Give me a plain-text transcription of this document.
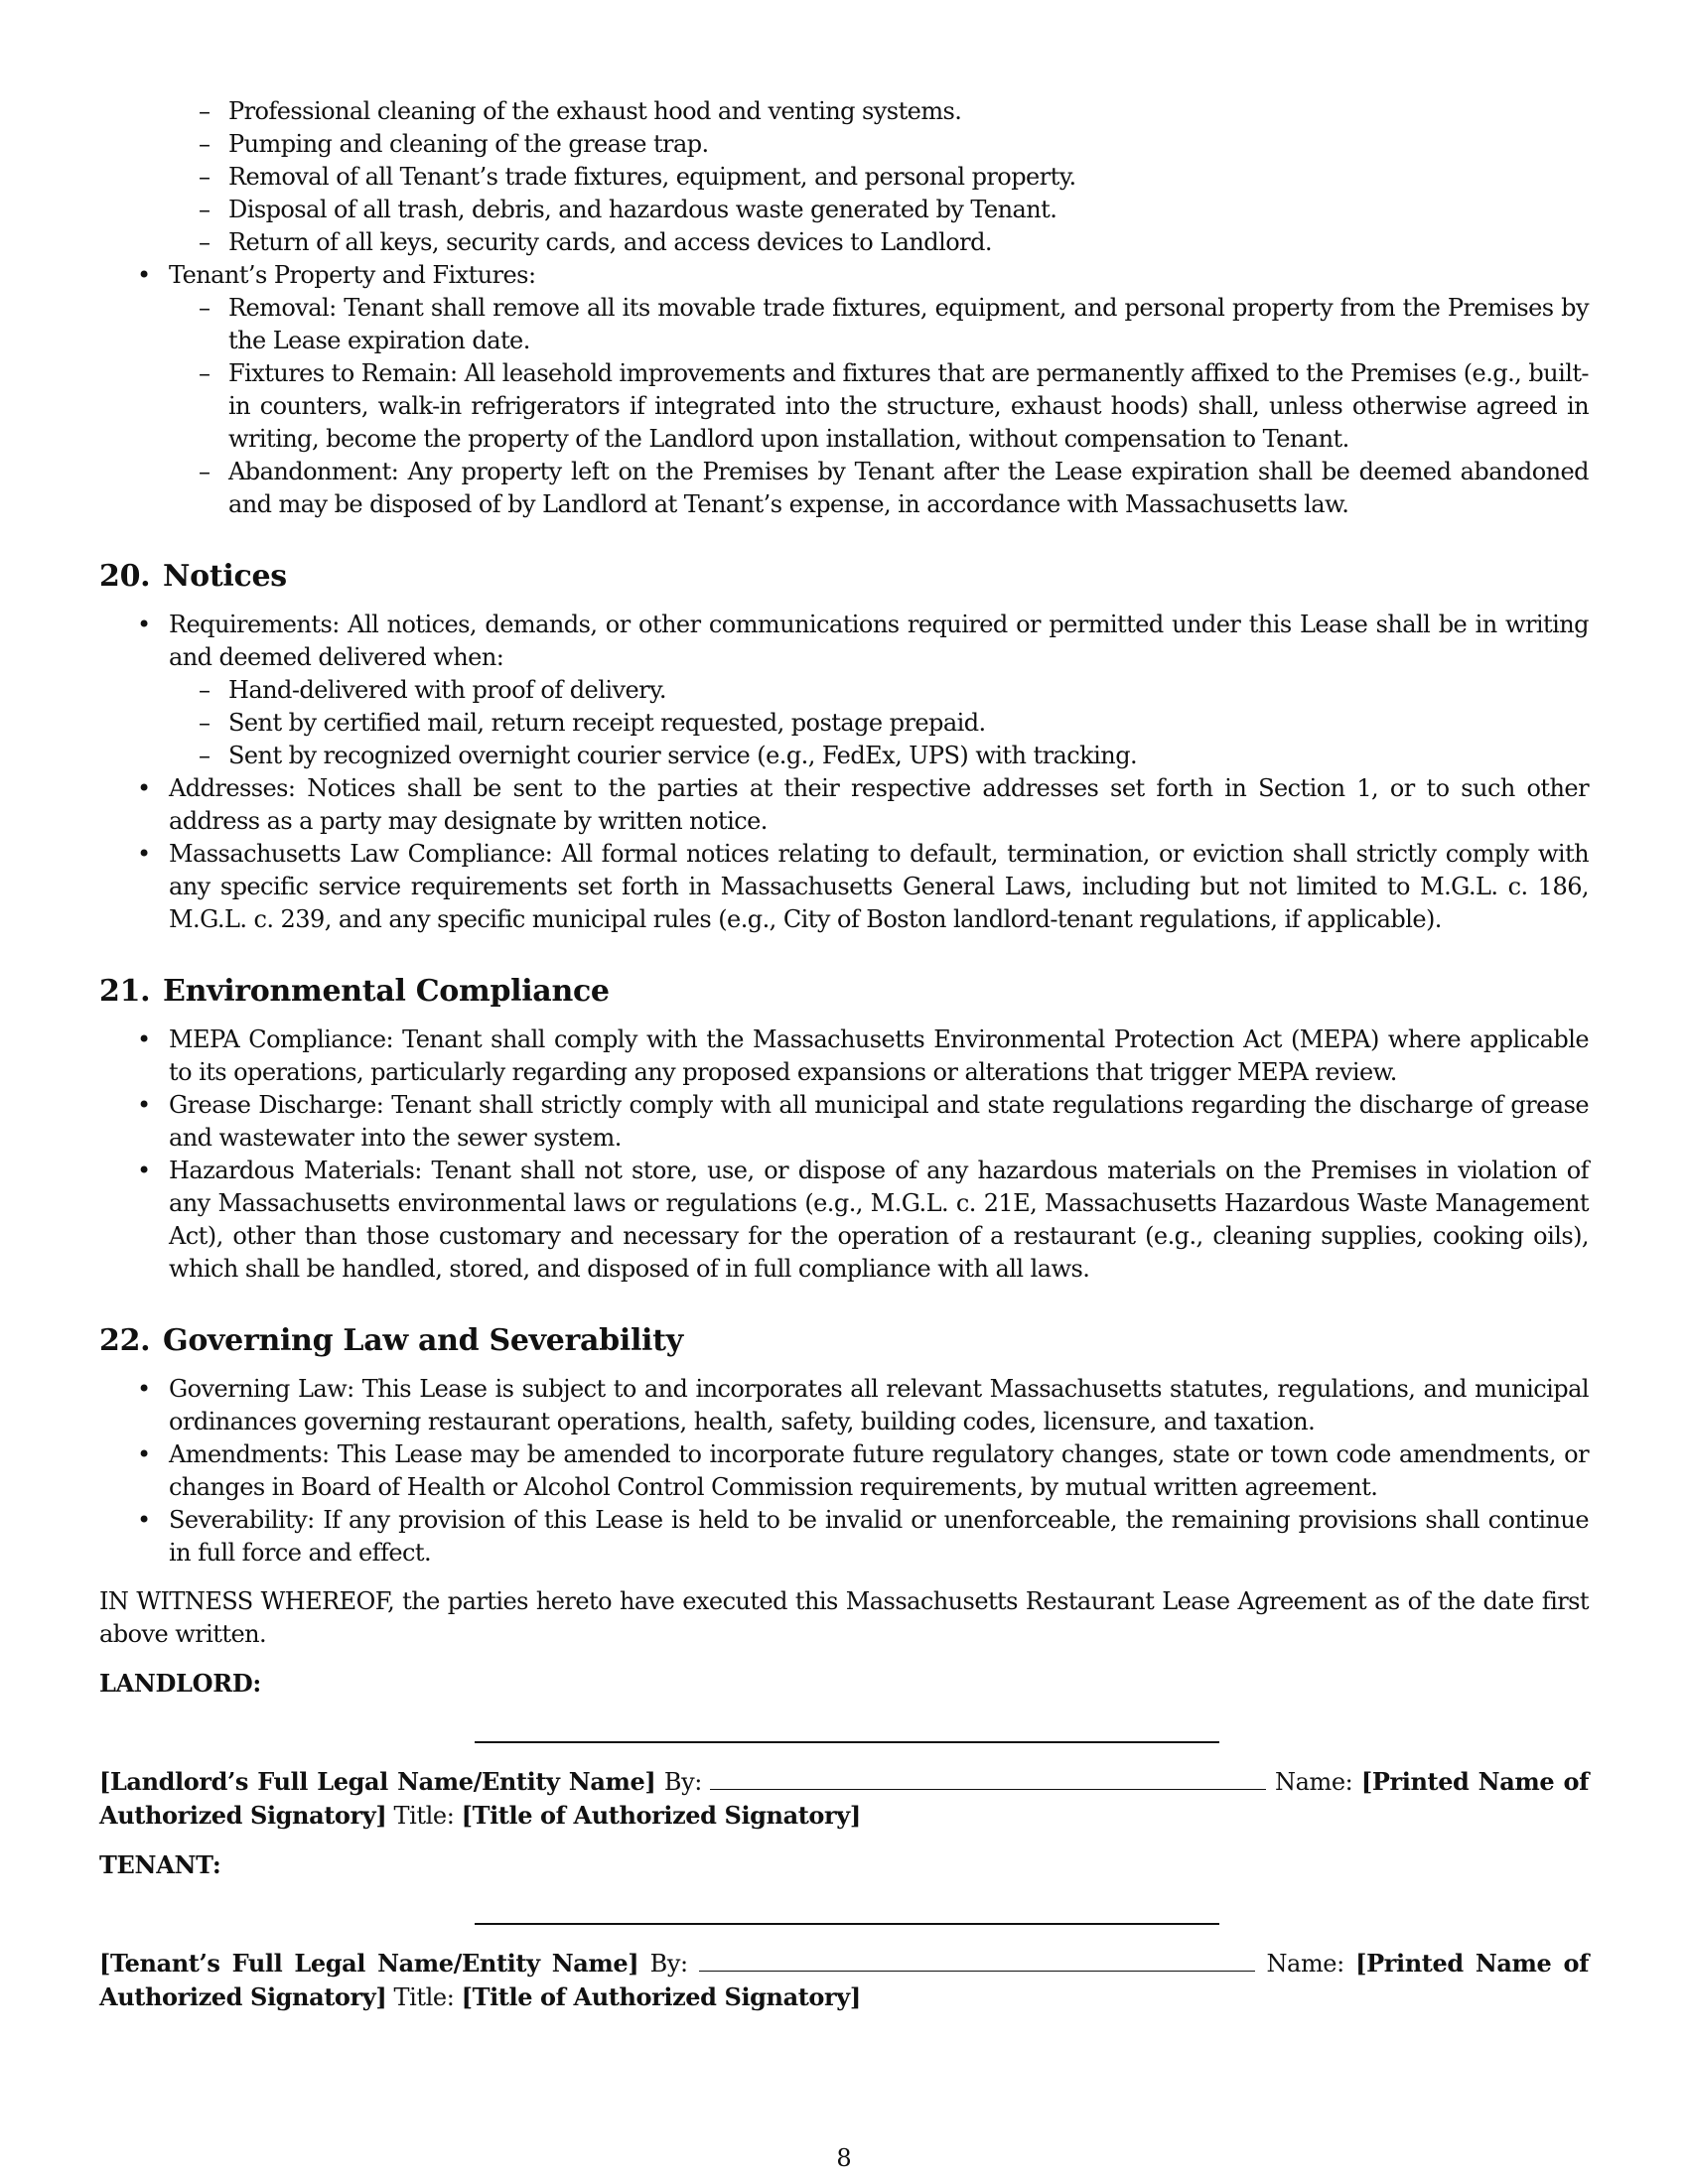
– Professional cleaning of the exhaust hood and venting systems.
– Pumping and cleaning of the grease trap.
– Removal of all Tenant’s trade fixtures, equipment, and personal property.
– Disposal of all trash, debris, and hazardous waste generated by Tenant.
– Return of all keys, security cards, and access devices to Landlord.
• Tenant’s Property and Fixtures:
– Removal: Tenant shall remove all its movable trade fixtures, equipment, and personal property from the Premises by the Lease expiration date.
– Fixtures to Remain: All leasehold improvements and fixtures that are permanently affixed to the Premises (e.g., built-in counters, walk-in refrigerators if integrated into the structure, exhaust hoods) shall, unless otherwise agreed in writing, become the property of the Landlord upon installation, without compensation to Tenant.
– Abandonment: Any property left on the Premises by Tenant after the Lease expiration shall be deemed abandoned and may be disposed of by Landlord at Tenant’s expense, in accordance with Massachusetts law.
20. Notices
• Requirements: All notices, demands, or other communications required or permitted under this Lease shall be in writing and deemed delivered when:
– Hand-delivered with proof of delivery.
– Sent by certified mail, return receipt requested, postage prepaid.
– Sent by recognized overnight courier service (e.g., FedEx, UPS) with tracking.
• Addresses: Notices shall be sent to the parties at their respective addresses set forth in Section 1, or to such other address as a party may designate by written notice.
• Massachusetts Law Compliance: All formal notices relating to default, termination, or eviction shall strictly comply with any specific service requirements set forth in Massachusetts General Laws, including but not limited to M.G.L. c. 186, M.G.L. c. 239, and any specific municipal rules (e.g., City of Boston landlord-tenant regulations, if applicable).
21. Environmental Compliance
• MEPA Compliance: Tenant shall comply with the Massachusetts Environmental Protection Act (MEPA) where applicable to its operations, particularly regarding any proposed expansions or alterations that trigger MEPA review.
• Grease Discharge: Tenant shall strictly comply with all municipal and state regulations regarding the discharge of grease and wastewater into the sewer system.
• Hazardous Materials: Tenant shall not store, use, or dispose of any hazardous materials on the Premises in violation of any Massachusetts environmental laws or regulations (e.g., M.G.L. c. 21E, Massachusetts Hazardous Waste Management Act), other than those customary and necessary for the operation of a restaurant (e.g., cleaning supplies, cooking oils), which shall be handled, stored, and disposed of in full compliance with all laws.
22. Governing Law and Severability
• Governing Law: This Lease is subject to and incorporates all relevant Massachusetts statutes, regulations, and municipal ordinances governing restaurant operations, health, safety, building codes, licensure, and taxation.
• Amendments: This Lease may be amended to incorporate future regulatory changes, state or town code amendments, or changes in Board of Health or Alcohol Control Commission requirements, by mutual written agreement.
• Severability: If any provision of this Lease is held to be invalid or unenforceable, the remaining provisions shall continue in full force and effect.

IN WITNESS WHEREOF, the parties hereto have executed this Massachusetts Restaurant Lease Agreement as of the date first above written.

LANDLORD:
[Landlord’s Full Legal Name/Entity Name] By:	Name: [Printed Name of Authorized Signatory] Title: [Title of Authorized Signatory]
TENANT:
[Tenant’s Full Legal Name/Entity Name] By:	Name: [Printed Name of Authorized Signatory] Title: [Title of Authorized Signatory]
8
